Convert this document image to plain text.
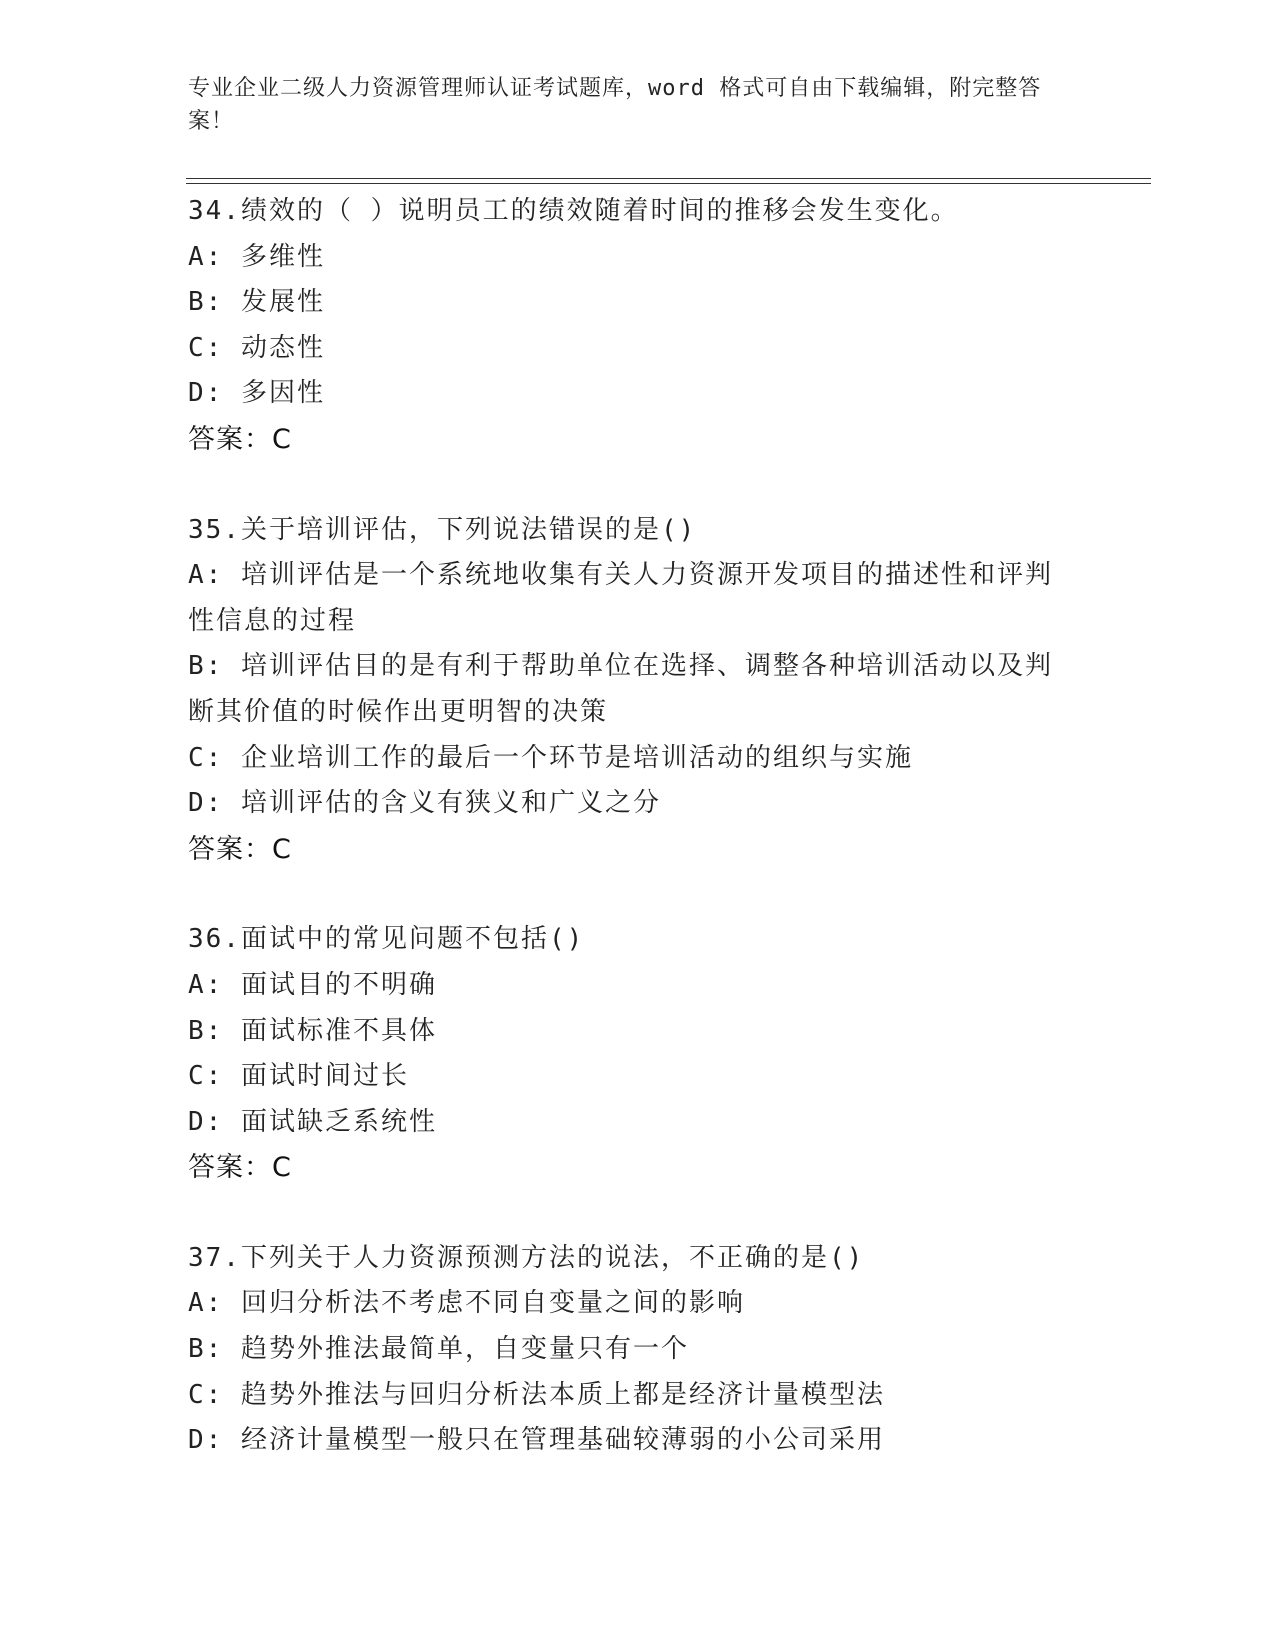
专业企业二级人力资源管理师认证考试题库，word 格式可自由下载编辑，附完整答案！
34.绩效的（ ）说明员工的绩效随着时间的推移会发生变化。
A: 多维性
B: 发展性
C: 动态性
D: 多因性
答案：C
35.关于培训评估，下列说法错误的是()
A: 培训评估是一个系统地收集有关人力资源开发项目的描述性和评判性信息的过程
B: 培训评估目的是有利于帮助单位在选择、调整各种培训活动以及判断其价值的时候作出更明智的决策
C: 企业培训工作的最后一个环节是培训活动的组织与实施
D: 培训评估的含义有狭义和广义之分
答案：C
36.面试中的常见问题不包括()
A: 面试目的不明确
B: 面试标准不具体
C: 面试时间过长
D: 面试缺乏系统性
答案：C
37.下列关于人力资源预测方法的说法，不正确的是()
A: 回归分析法不考虑不同自变量之间的影响
B: 趋势外推法最简单，自变量只有一个
C: 趋势外推法与回归分析法本质上都是经济计量模型法
D: 经济计量模型一般只在管理基础较薄弱的小公司采用
